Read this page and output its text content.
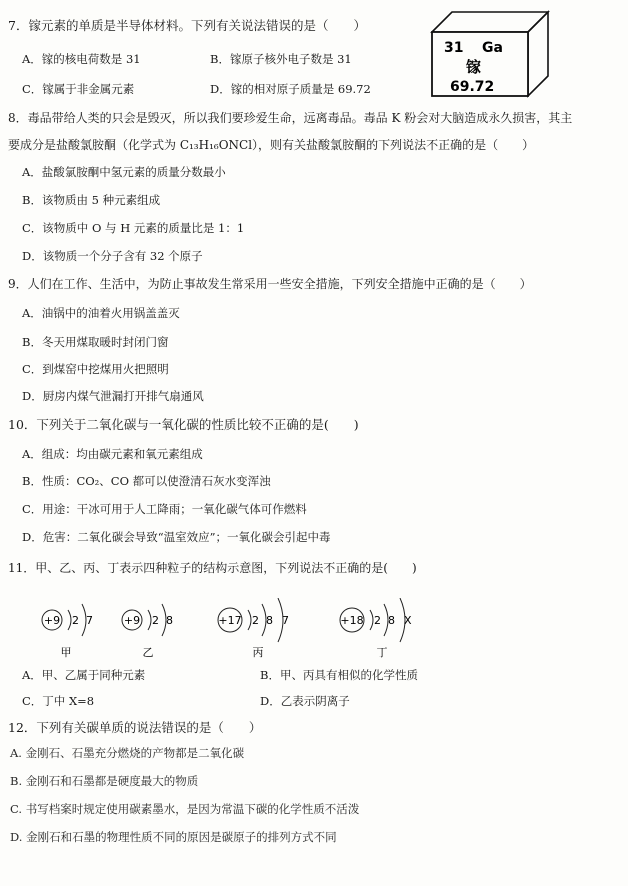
7．镓元素的单质是半导体材料。下列有关说法错误的是（　　）
A．镓的核电荷数是 31	B．镓原子核外电子数是 31
C．镓属于非金属元素	D．镓的相对原子质量是 69.72
31 Ga
镓
69.72
8．毒品带给人类的只会是毁灭，所以我们要珍爱生命，远离毒品。毒品 K 粉会对大脑造成永久损害，其主
要成分是盐酸氯胺酮（化学式为 C₁₃H₁₆ONCl），则有关盐酸氯胺酮的下列说法不正确的是（　　）
A．盐酸氯胺酮中氢元素的质量分数最小
B．该物质由 5 种元素组成
C．该物质中 O 与 H 元素的质量比是 1：1
D．该物质一个分子含有 32 个原子
9．人们在工作、生活中，为防止事故发生常采用一些安全措施，下列安全措施中正确的是（　　）
A．油锅中的油着火用锅盖盖灭
B．冬天用煤取暖时封闭门窗
C．到煤窑中挖煤用火把照明
D．厨房内煤气泄漏打开排气扇通风
10．下列关于二氧化碳与一氧化碳的性质比较不正确的是(　　)
A．组成：均由碳元素和氧元素组成
B．性质：CO₂、CO 都可以使澄清石灰水变浑浊
C．用途：干冰可用于人工降雨；一氧化碳气体可作燃料
D．危害：二氧化碳会导致“温室效应”；一氧化碳会引起中毒
11．甲、乙、丙、丁表示四种粒子的结构示意图，下列说法不正确的是(　　)
+9 2 7
甲
+9 2 8
乙
+17 2 8 7
丙
+18 2 8 X
丁
A．甲、乙属于同种元素	B．甲、丙具有相似的化学性质
C．丁中 X=8	D．乙表示阴离子
12．下列有关碳单质的说法错误的是（　　）
A. 金刚石、石墨充分燃烧的产物都是二氧化碳
B. 金刚石和石墨都是硬度最大的物质
C. 书写档案时规定使用碳素墨水，是因为常温下碳的化学性质不活泼
D. 金刚石和石墨的物理性质不同的原因是碳原子的排列方式不同
